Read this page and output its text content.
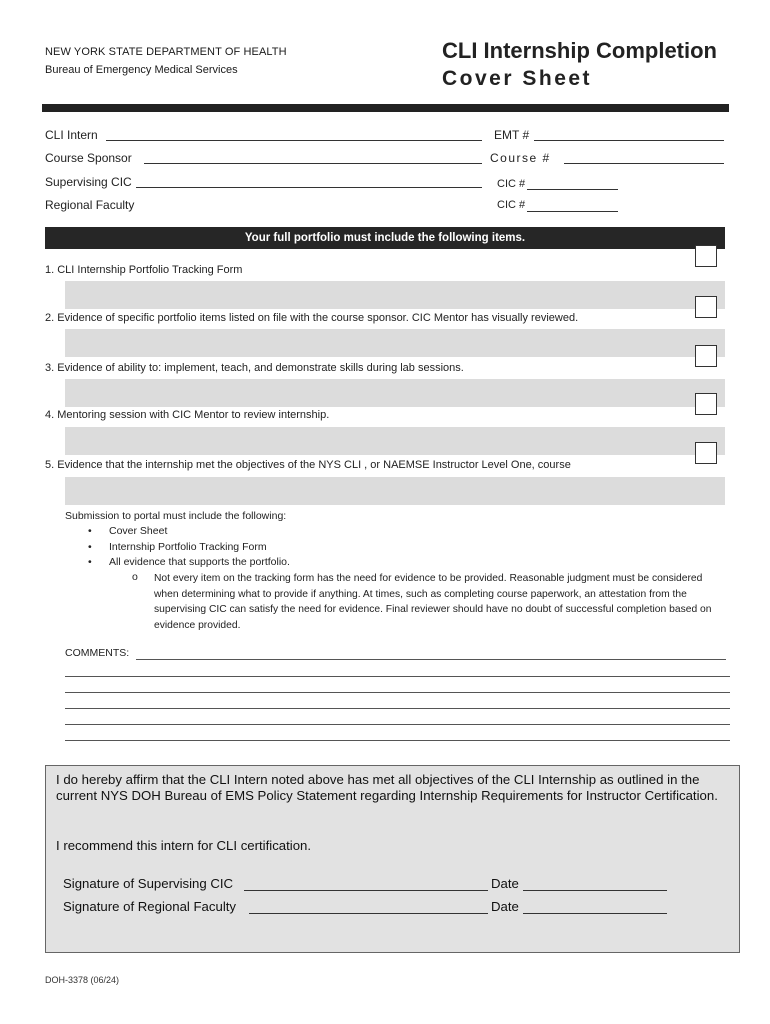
NEW YORK STATE DEPARTMENT OF HEALTH
Bureau of Emergency Medical Services
CLI Internship Completion
Cover Sheet
CLI Intern	EMT #
Course Sponsor	Course #
Supervising CIC	CIC #
Regional Faculty	CIC #
Your full portfolio must include the following items.
1. CLI Internship Portfolio Tracking Form
2. Evidence of specific portfolio items listed on file with the course sponsor. CIC Mentor has visually reviewed.
3. Evidence of ability to: implement, teach, and demonstrate skills during lab sessions.
4. Mentoring session with CIC Mentor to review internship.
5. Evidence that the internship met the objectives of the NYS CLI , or NAEMSE Instructor Level One, course
Submission to portal must include the following:
• Cover Sheet
• Internship Portfolio Tracking Form
• All evidence that supports the portfolio.
o Not every item on the tracking form has the need for evidence to be provided. Reasonable judgment must be considered when determining what to provide if anything. At times, such as completing course paperwork, an attestation from the supervising CIC can satisfy the need for evidence. Final reviewer should have no doubt of successful completion based on evidence provided.
COMMENTS:
I do hereby affirm that the CLI Intern noted above has met all objectives of the CLI Internship as outlined in the current NYS DOH Bureau of EMS Policy Statement regarding Internship Requirements for Instructor Certification.
I recommend this intern for CLI certification.
Signature of Supervising CIC	Date
Signature of Regional Faculty	Date
DOH-3378 (06/24)
